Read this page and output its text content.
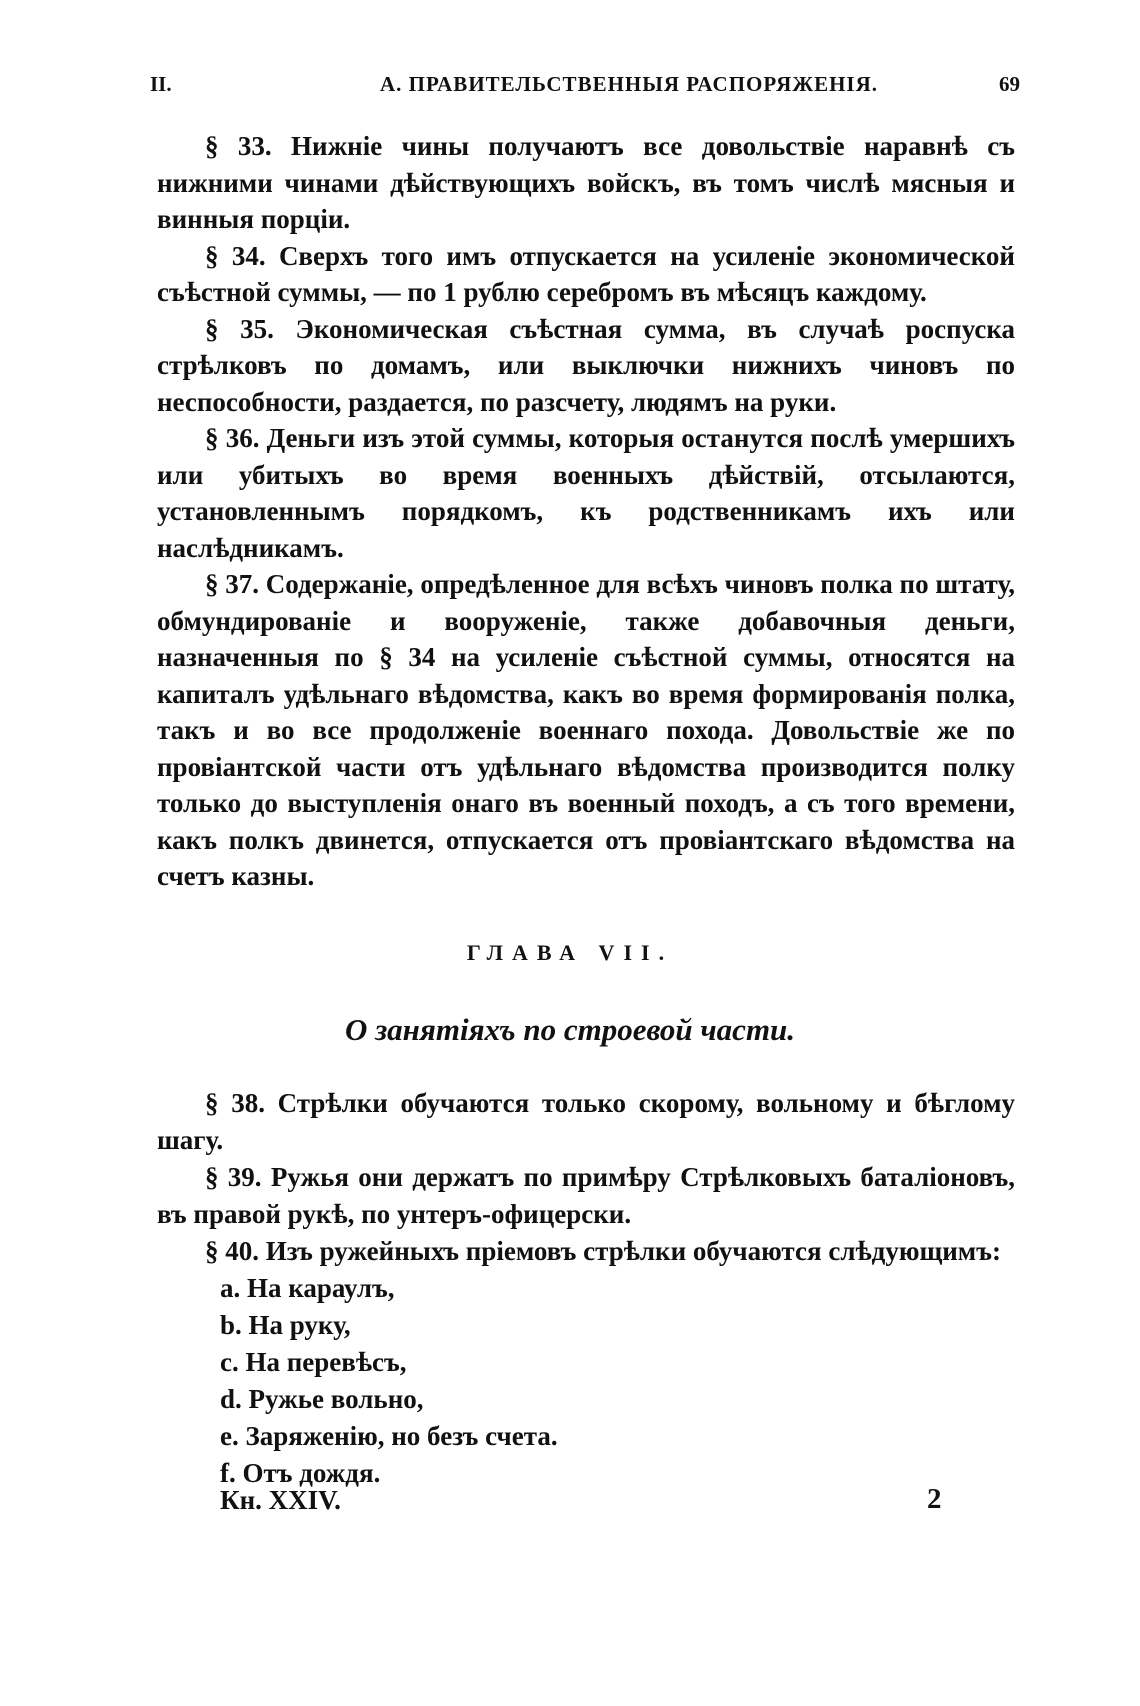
II.	А. ПРАВИТЕЛЬСТВЕННЫЯ РАСПОРЯЖЕНІЯ.	69

§ 33. Нижніе чины получаютъ все довольствіе наравнѣ съ нижними чинами дѣйствующихъ войскъ, въ томъ числѣ мясныя и винныя порціи.

§ 34. Сверхъ того имъ отпускается на усиленіе экономической съѣстной суммы, — по 1 рублю серебромъ въ мѣсяцъ каждому.

§ 35. Экономическая съѣстная сумма, въ случаѣ роспуска стрѣлковъ по домамъ, или выключки нижнихъ чиновъ по неспособности, раздается, по разсчету, людямъ на руки.

§ 36. Деньги изъ этой суммы, которыя останутся послѣ умершихъ или убитыхъ во время военныхъ дѣйствій, отсылаются, установленнымъ порядкомъ, къ родственникамъ ихъ или наслѣдникамъ.

§ 37. Содержаніе, опредѣленное для всѣхъ чиновъ полка по штату, обмундированіе и вооруженіе, также добавочныя деньги, назначенныя по § 34 на усиленіе съѣстной суммы, относятся на капиталъ удѣльнаго вѣдомства, какъ во время формированія полка, такъ и во все продолженіе военнаго похода. Довольствіе же по провіантской части отъ удѣльнаго вѣдомства производится полку только до выступленія онаго въ военный походъ, а съ того времени, какъ полкъ двинется, отпускается отъ провіантскаго вѣдомства на счетъ казны.

ГЛАВА VII.
О занятіяхъ по строевой части.

§ 38. Стрѣлки обучаются только скорому, вольному и бѣглому шагу.

§ 39. Ружья они держатъ по примѣру Стрѣлковыхъ баталіоновъ, въ правой рукѣ, по унтеръ-офицерски.

§ 40. Изъ ружейныхъ пріемовъ стрѣлки обучаются слѣдующимъ:

а. На караулъ,
b. На руку,
с. На перевѣсъ,
d. Ружье вольно,
е. Заряженію, но безъ счета.
f. Отъ дождя.
Кн. XXIV.	2
